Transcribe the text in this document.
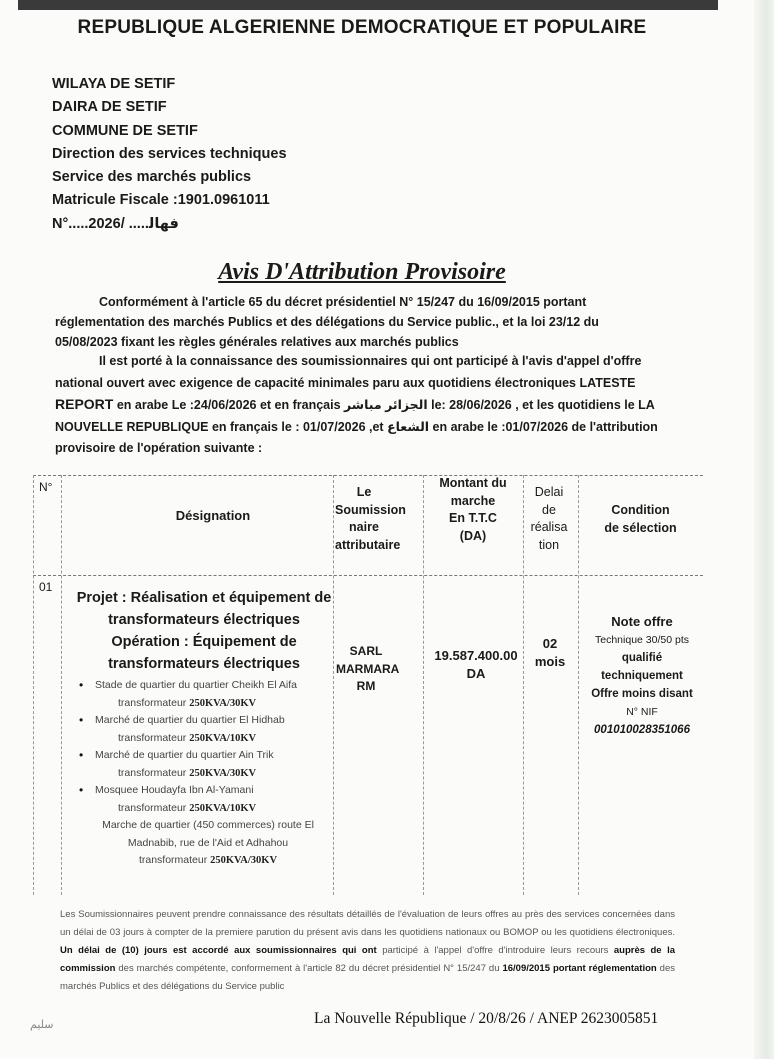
REPUBLIQUE ALGERIENNE DEMOCRATIQUE ET POPULAIRE
WILAYA DE SETIF
DAIRA DE SETIF
COMMUNE DE SETIF
Direction des services techniques
Service des marchés publics
Matricule Fiscale :1901.0961011
N°.....ﻓﻬﺎﻟ..... /2026
Avis D'Attribution Provisoire
Conformément à l'article 65 du décret présidentiel N° 15/247 du 16/09/2015 portant
réglementation des marchés Publics et des délégations du Service public., et la loi 23/12 du
05/08/2023 fixant les règles générales relatives aux marchés publics
Il est porté à la connaissance des soumissionnaires qui ont participé à l'avis d'appel d'offre
national ouvert avec exigence de capacité minimales paru aux quotidiens électroniques LATESTE
REPORT en arabe Le :24/06/2026 et en français الجزائر مباشر le: 28/06/2026 , et les quotidiens le LA
NOUVELLE REPUBLIQUE en français le : 01/07/2026 ,et الشعاع en arabe le :01/07/2026 de l'attribution
provisoire de l'opération suivante :
N°
Désignation
Le
Soumission
naire
attributaire
Montant du
marche
En T.T.C
(DA)
Delai
de
réalisa
tion
Condition
de sélection
01
Projet : Réalisation et équipement de
transformateurs électriques
Opération : Équipement de
transformateurs électriques
• Stade de quartier du quartier Cheikh El Aifa
transformateur 250KVA/30KV
• Marché de quartier du quartier El Hidhab
transformateur 250KVA/10KV
• Marché de quartier du quartier Ain Trik
transformateur 250KVA/30KV
• Mosquee Houdayfa Ibn Al-Yamani
transformateur 250KVA/10KV
Marche de quartier (450 commerces) route El
Madnabib, rue de l'Aid et Adhahou
transformateur 250KVA/30KV
SARL
MARMARA
RM
19.587.400.00
DA
02
mois
Note offre
Technique 30/50 pts
qualifié
techniquement
Offre moins disant
N° NIF
001010028351066
Les Soumissionnaires peuvent prendre connaissance des résultats détaillés de l'évaluation de leurs offres au près des services concernées dans un délai de 03 jours à compter de la premiere parution du présent avis dans les quotidiens nationaux ou BOMOP ou les quotidiens électroniques. Un délai de (10) jours est accordé aux soumissionnaires qui ont participé à l'appel d'offre d'introduire leurs recours auprès de la commission des marchés compétente, conformement à l'article 82 du décret présidentiel N° 15/247 du 16/09/2015 portant réglementation des marchés Publics et des délégations du Service public
ﺳﻠﻴﻢ	La Nouvelle République / 20/8/26 / ANEP 2623005851
